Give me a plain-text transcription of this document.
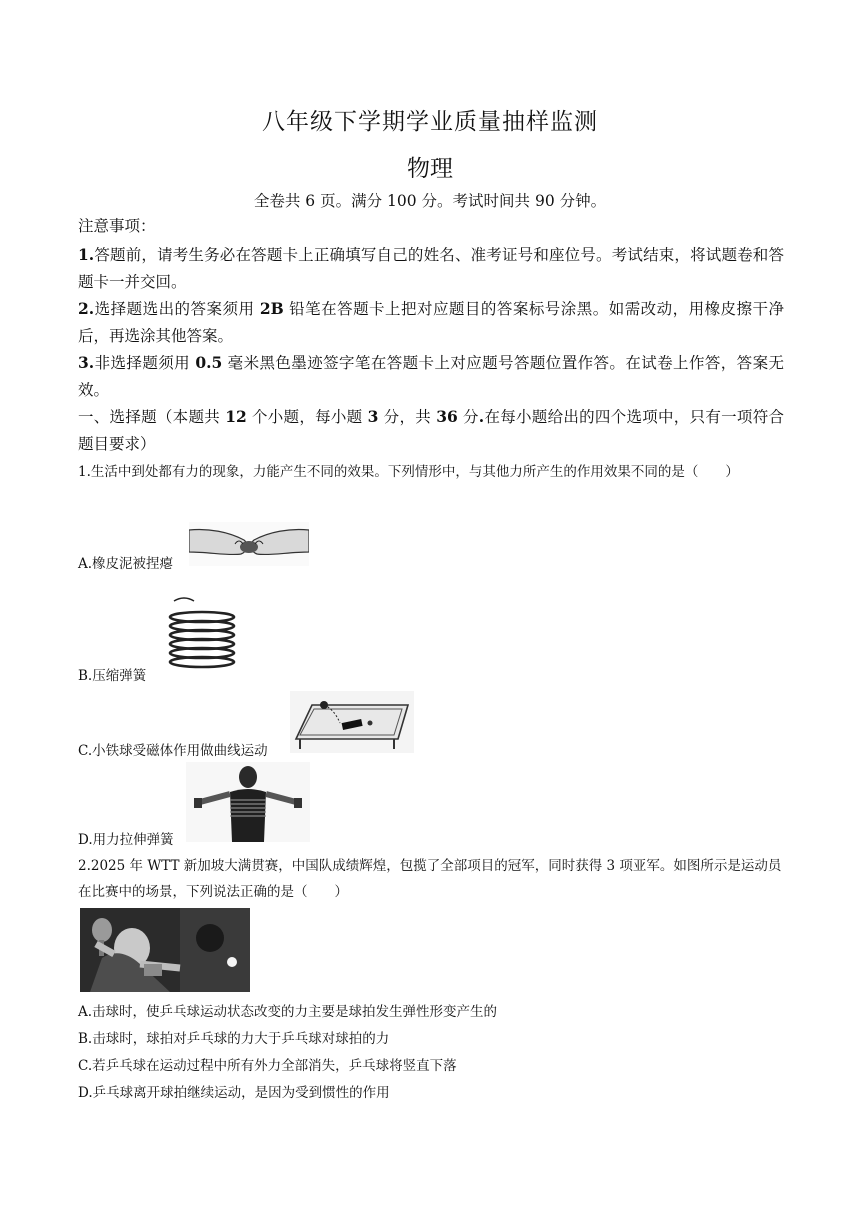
八年级下学期学业质量抽样监测
物理
全卷共 6 页。满分 100 分。考试时间共 90 分钟。
注意事项：
1.答题前，请考生务必在答题卡上正确填写自己的姓名、准考证号和座位号。考试结束，将试题卷和答题卡一并交回。
2.选择题选出的答案须用 2B 铅笔在答题卡上把对应题目的答案标号涂黑。如需改动，用橡皮擦干净后，再选涂其他答案。
3.非选择题须用 0.5 毫米黑色墨迹签字笔在答题卡上对应题号答题位置作答。在试卷上作答，答案无效。
一、选择题（本题共 12 个小题，每小题 3 分，共 36 分.在每小题给出的四个选项中，只有一项符合题目要求）
1.生活中到处都有力的现象，力能产生不同的效果。下列情形中，与其他力所产生的作用效果不同的是（　　）
A.橡皮泥被捏瘪
B.压缩弹簧
C.小铁球受磁体作用做曲线运动
D.用力拉伸弹簧
2.2025 年 WTT 新加坡大满贯赛，中国队成绩辉煌，包揽了全部项目的冠军，同时获得 3 项亚军。如图所示是运动员在比赛中的场景，下列说法正确的是（　　）
A.击球时，使乒乓球运动状态改变的力主要是球拍发生弹性形变产生的
B.击球时，球拍对乒乓球的力大于乒乓球对球拍的力
C.若乒乓球在运动过程中所有外力全部消失，乒乓球将竖直下落
D.乒乓球离开球拍继续运动，是因为受到惯性的作用
